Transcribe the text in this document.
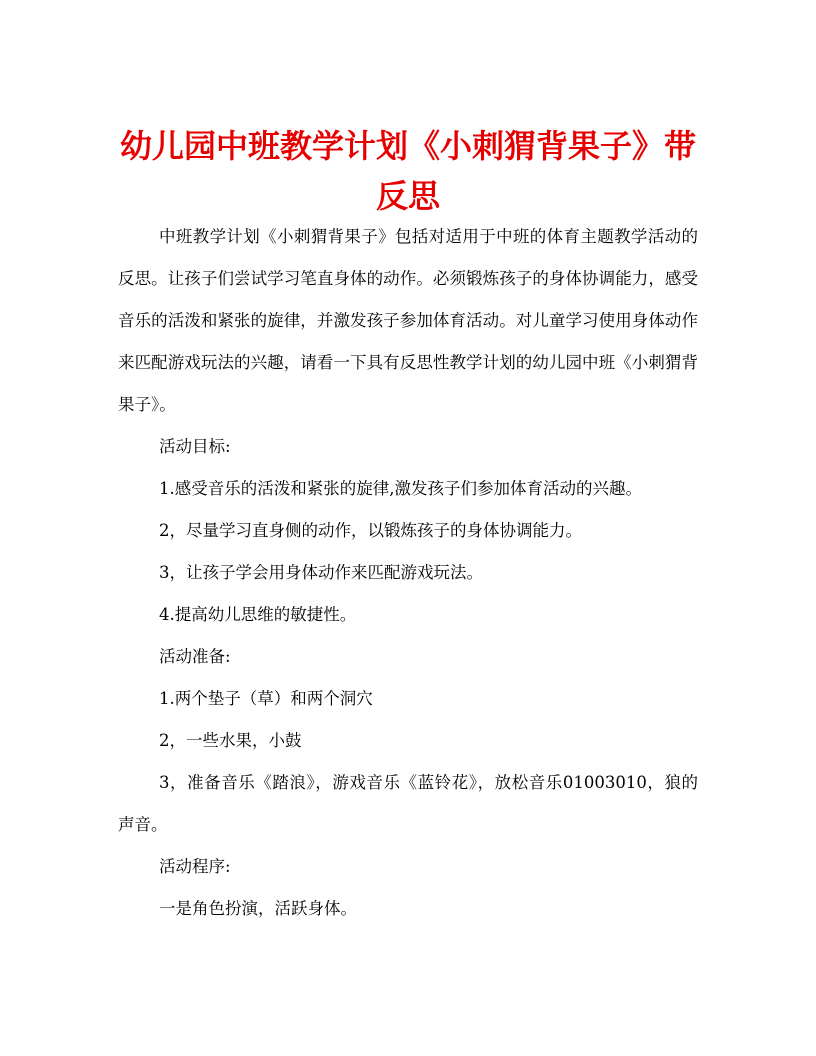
幼儿园中班教学计划《小刺猬背果子》带反思

中班教学计划《小刺猬背果子》包括对适用于中班的体育主题教学活动的反思。让孩子们尝试学习笔直身体的动作。必须锻炼孩子的身体协调能力，感受音乐的活泼和紧张的旋律，并激发孩子参加体育活动。对儿童学习使用身体动作来匹配游戏玩法的兴趣，请看一下具有反思性教学计划的幼儿园中班《小刺猬背果子》。

活动目标:

1.感受音乐的活泼和紧张的旋律,激发孩子们参加体育活动的兴趣。

2，尽量学习直身侧的动作，以锻炼孩子的身体协调能力。

3，让孩子学会用身体动作来匹配游戏玩法。

4.提高幼儿思维的敏捷性。

活动准备:

1.两个垫子（草）和两个洞穴

2，一些水果，小鼓

3，准备音乐《踏浪》，游戏音乐《蓝铃花》，放松音乐01003010，狼的声音。

活动程序:

一是角色扮演，活跃身体。
